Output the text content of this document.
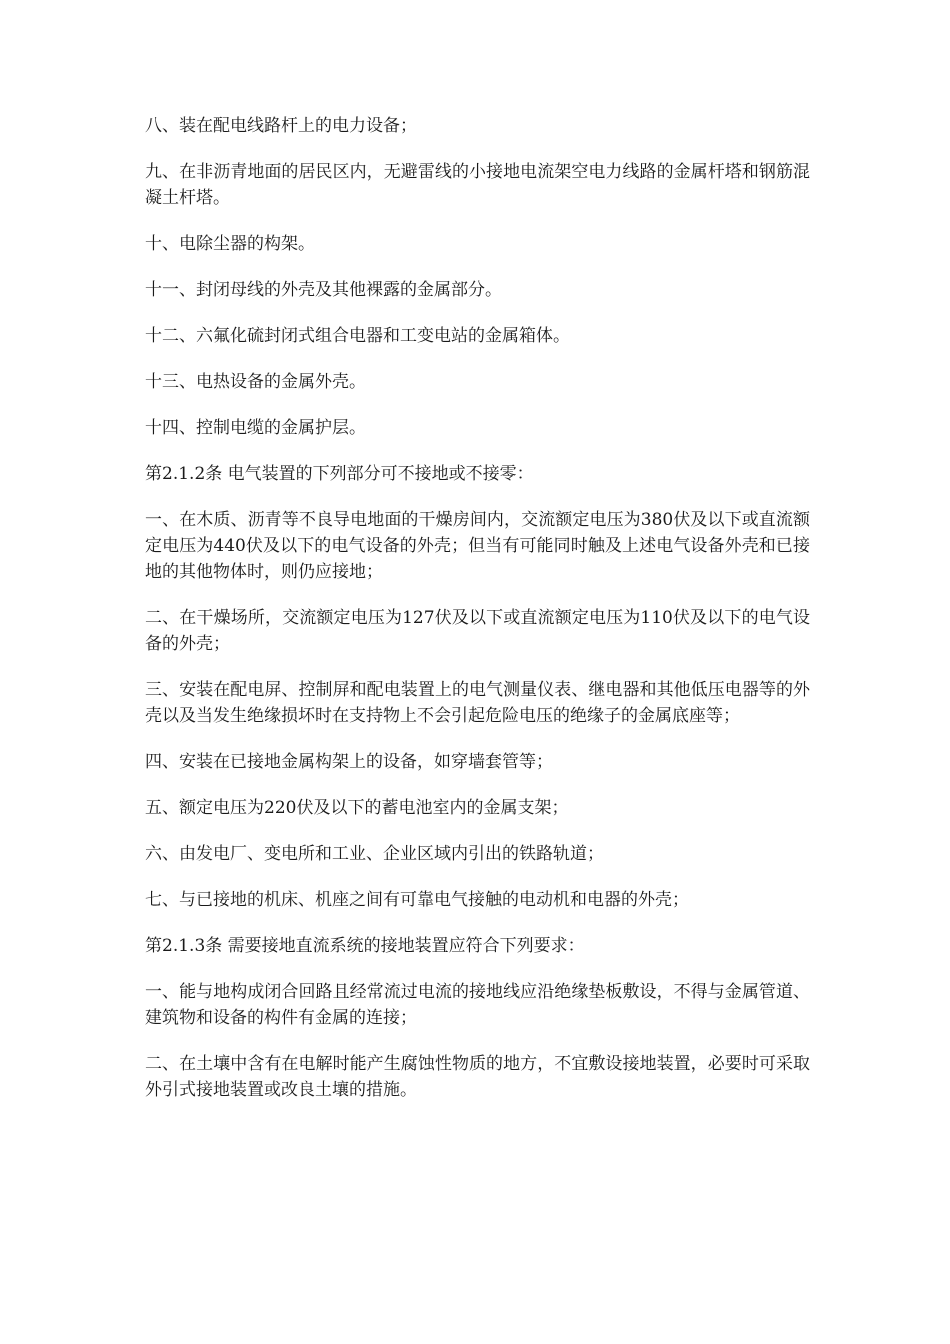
八、装在配电线路杆上的电力设备；

九、在非沥青地面的居民区内，无避雷线的小接地电流架空电力线路的金属杆塔和钢筋混凝土杆塔。

十、电除尘器的构架。

十一、封闭母线的外壳及其他裸露的金属部分。

十二、六氟化硫封闭式组合电器和工变电站的金属箱体。

十三、电热设备的金属外壳。

十四、控制电缆的金属护层。

第2.1.2条 电气装置的下列部分可不接地或不接零：

一、在木质、沥青等不良导电地面的干燥房间内，交流额定电压为380伏及以下或直流额定电压为440伏及以下的电气设备的外壳；但当有可能同时触及上述电气设备外壳和已接地的其他物体时，则仍应接地；

二、在干燥场所，交流额定电压为127伏及以下或直流额定电压为110伏及以下的电气设备的外壳；

三、安装在配电屏、控制屏和配电装置上的电气测量仪表、继电器和其他低压电器等的外壳以及当发生绝缘损坏时在支持物上不会引起危险电压的绝缘子的金属底座等；

四、安装在已接地金属构架上的设备，如穿墙套管等；

五、额定电压为220伏及以下的蓄电池室内的金属支架；

六、由发电厂、变电所和工业、企业区域内引出的铁路轨道；

七、与已接地的机床、机座之间有可靠电气接触的电动机和电器的外壳；

第2.1.3条 需要接地直流系统的接地装置应符合下列要求：

一、能与地构成闭合回路且经常流过电流的接地线应沿绝缘垫板敷设，不得与金属管道、建筑物和设备的构件有金属的连接；

二、在土壤中含有在电解时能产生腐蚀性物质的地方，不宜敷设接地装置，必要时可采取外引式接地装置或改良土壤的措施。
